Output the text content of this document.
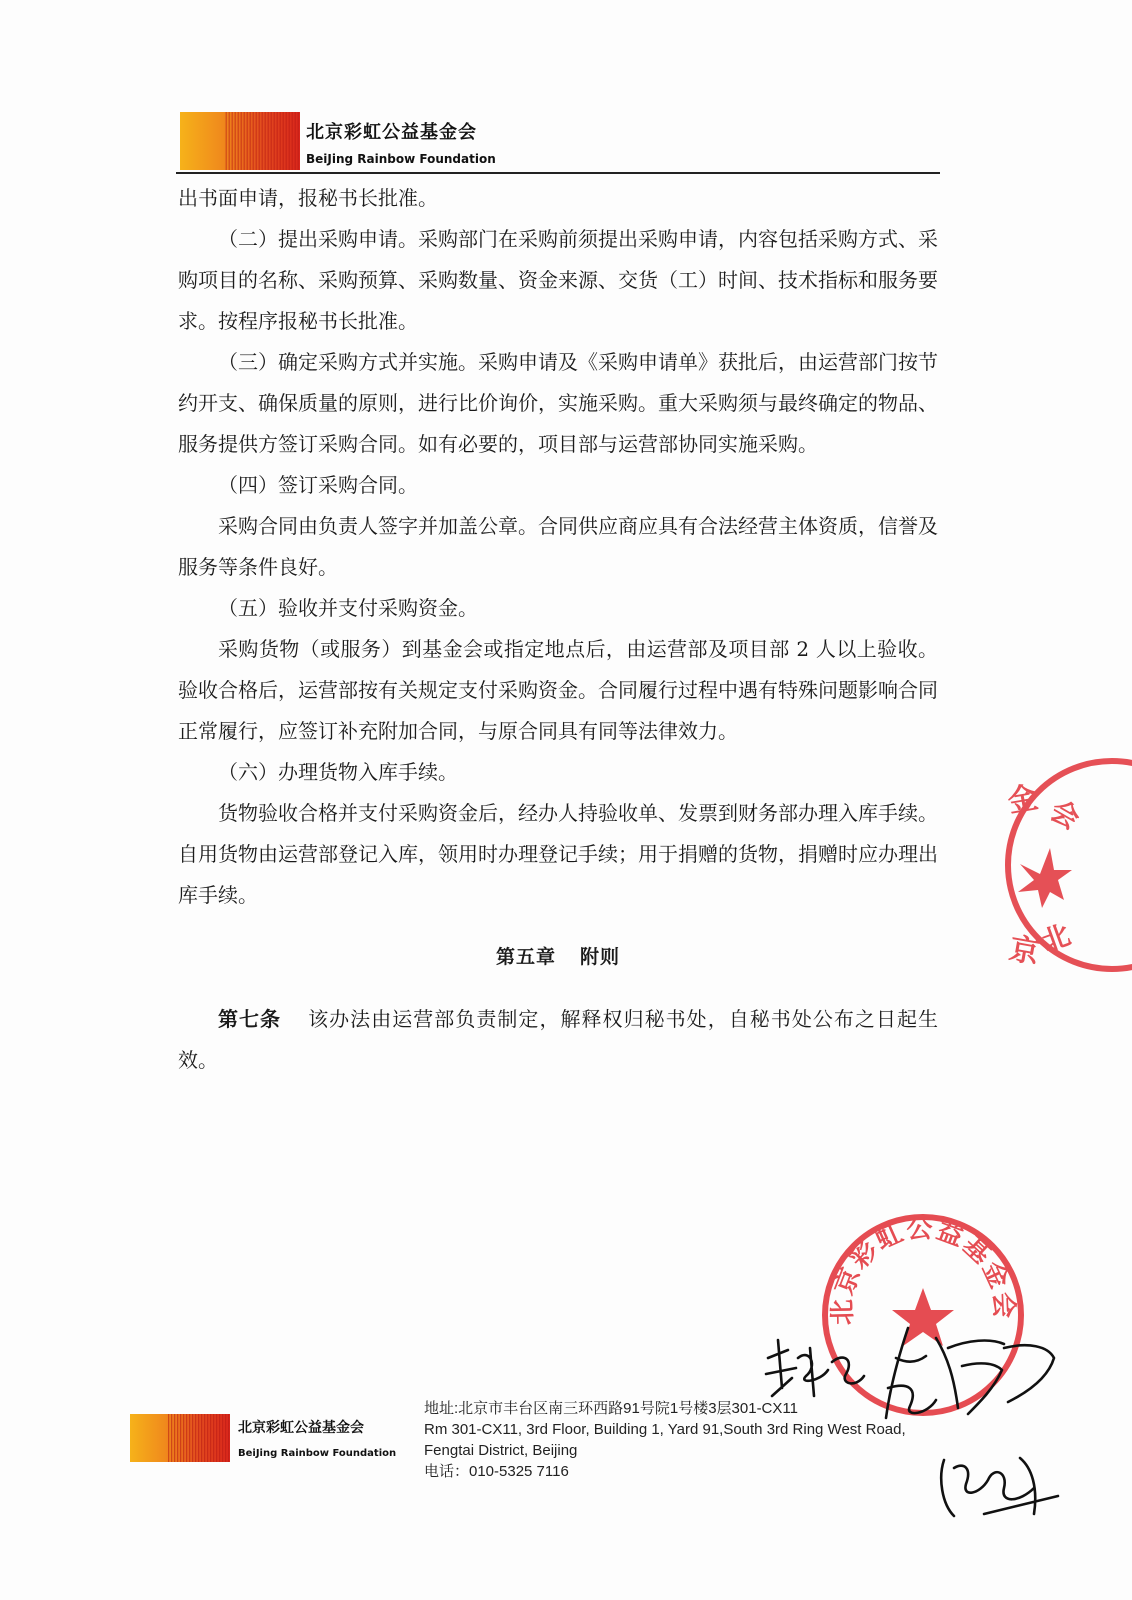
北京彩虹公益基金会
BeiJing Rainbow Foundation

出书面申请，报秘书长批准。

（二）提出采购申请。采购部门在采购前须提出采购申请，内容包括采购方式、采购项目的名称、采购预算、采购数量、资金来源、交货（工）时间、技术指标和服务要求。按程序报秘书长批准。

（三）确定采购方式并实施。采购申请及《采购申请单》获批后，由运营部门按节约开支、确保质量的原则，进行比价询价，实施采购。重大采购须与最终确定的物品、服务提供方签订采购合同。如有必要的，项目部与运营部协同实施采购。

（四）签订采购合同。

采购合同由负责人签字并加盖公章。合同供应商应具有合法经营主体资质，信誉及服务等条件良好。

（五）验收并支付采购资金。

采购货物（或服务）到基金会或指定地点后，由运营部及项目部 2 人以上验收。验收合格后，运营部按有关规定支付采购资金。合同履行过程中遇有特殊问题影响合同正常履行，应签订补充附加合同，与原合同具有同等法律效力。

（六）办理货物入库手续。

货物验收合格并支付采购资金后，经办人持验收单、发票到财务部办理入库手续。自用货物由运营部登记入库，领用时办理登记手续；用于捐赠的货物，捐赠时应办理出库手续。

第五章 附则

第七条 该办法由运营部负责制定，解释权归秘书处，自秘书处公布之日起生效。

金 会
京
北
北京彩虹公益基金会
北京彩虹公益基金会
BeiJing Rainbow Foundation
地址:北京市丰台区南三环西路91号院1号楼3层301-CX11
Rm 301-CX11, 3rd Floor, Building 1, Yard 91,South 3rd Ring West Road,
Fengtai District, Beijing
电话：010-5325 7116
